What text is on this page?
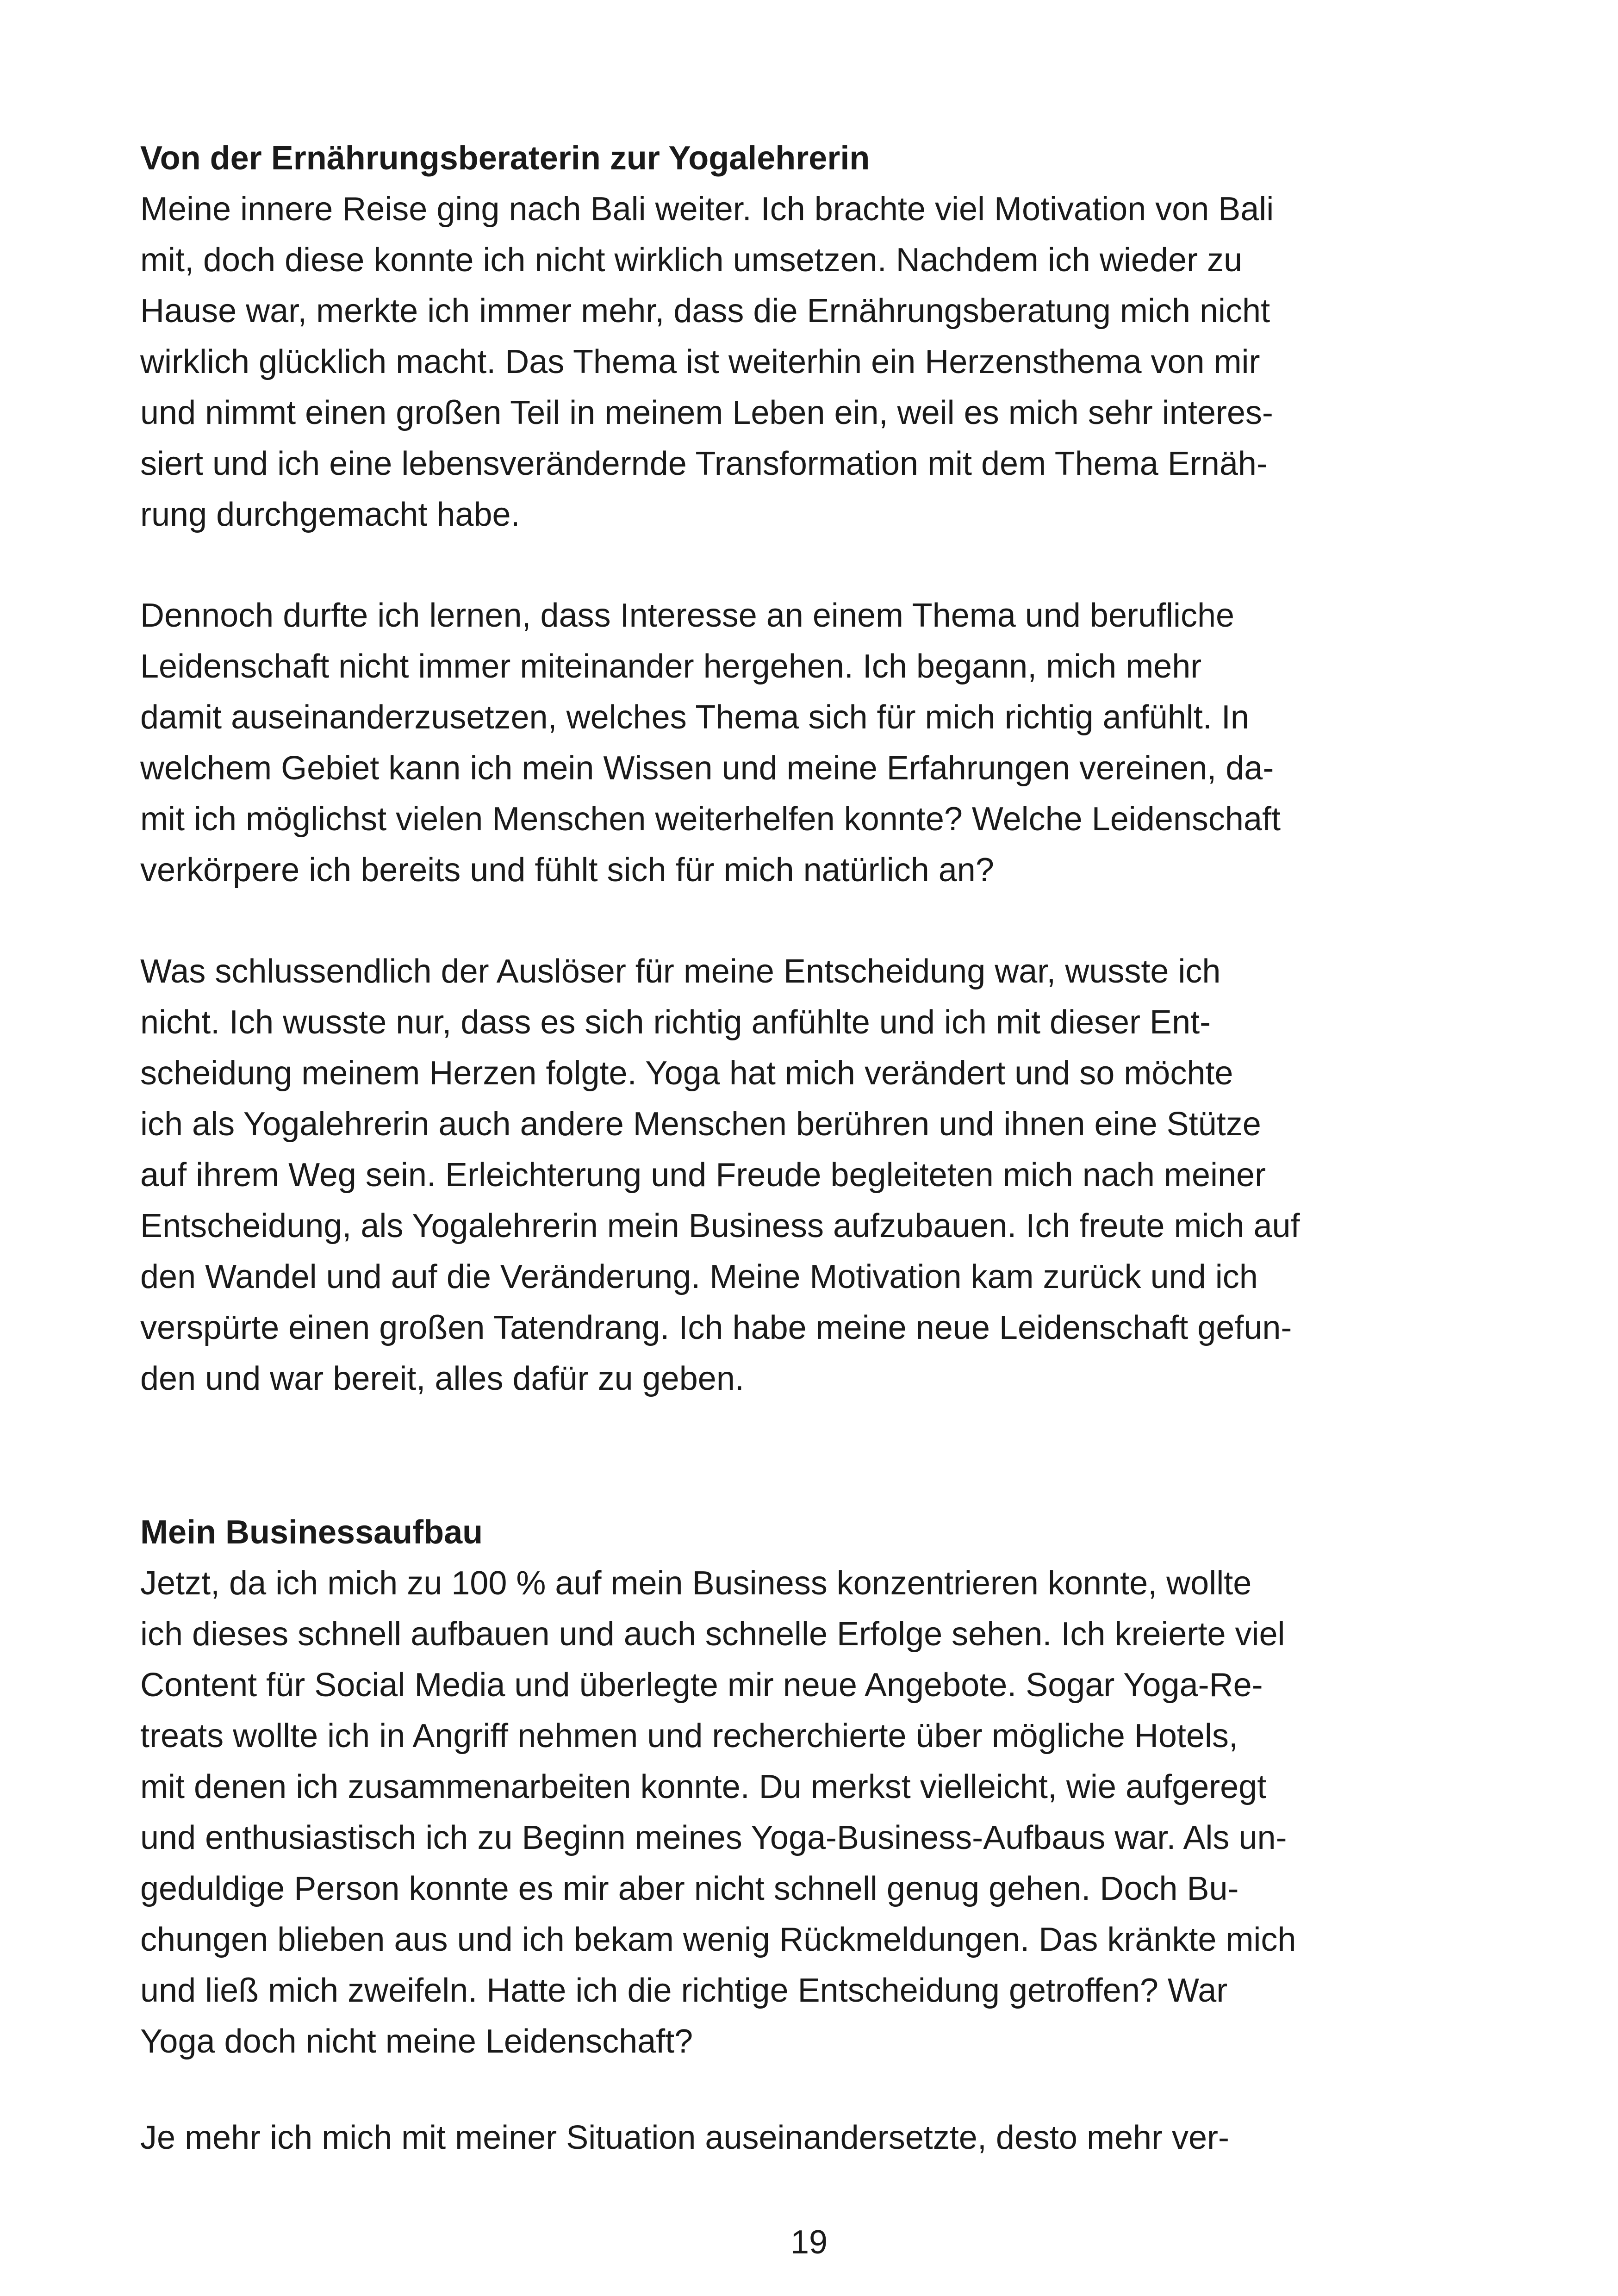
Von der Ernährungsberaterin zur Yogalehrerin
Meine innere Reise ging nach Bali weiter. Ich brachte viel Motivation von Bali
mit, doch diese konnte ich nicht wirklich umsetzen. Nachdem ich wieder zu
Hause war, merkte ich immer mehr, dass die Ernährungsberatung mich nicht
wirklich glücklich macht. Das Thema ist weiterhin ein Herzensthema von mir
und nimmt einen großen Teil in meinem Leben ein, weil es mich sehr interes-
siert und ich eine lebensverändernde Transformation mit dem Thema Ernäh-
rung durchgemacht habe.
Dennoch durfte ich lernen, dass Interesse an einem Thema und berufliche
Leidenschaft nicht immer miteinander hergehen. Ich begann, mich mehr
damit auseinanderzusetzen, welches Thema sich für mich richtig anfühlt. In
welchem Gebiet kann ich mein Wissen und meine Erfahrungen vereinen, da-
mit ich möglichst vielen Menschen weiterhelfen konnte? Welche Leidenschaft
verkörpere ich bereits und fühlt sich für mich natürlich an?
Was schlussendlich der Auslöser für meine Entscheidung war, wusste ich
nicht. Ich wusste nur, dass es sich richtig anfühlte und ich mit dieser Ent-
scheidung meinem Herzen folgte. Yoga hat mich verändert und so möchte
ich als Yogalehrerin auch andere Menschen berühren und ihnen eine Stütze
auf ihrem Weg sein. Erleichterung und Freude begleiteten mich nach meiner
Entscheidung, als Yogalehrerin mein Business aufzubauen. Ich freute mich auf
den Wandel und auf die Veränderung. Meine Motivation kam zurück und ich
verspürte einen großen Tatendrang. Ich habe meine neue Leidenschaft gefun-
den und war bereit, alles dafür zu geben.
Mein Businessaufbau
Jetzt, da ich mich zu 100 % auf mein Business konzentrieren konnte, wollte
ich dieses schnell aufbauen und auch schnelle Erfolge sehen. Ich kreierte viel
Content für Social Media und überlegte mir neue Angebote. Sogar Yoga-Re-
treats wollte ich in Angriff nehmen und recherchierte über mögliche Hotels,
mit denen ich zusammenarbeiten konnte. Du merkst vielleicht, wie aufgeregt
und enthusiastisch ich zu Beginn meines Yoga-Business-Aufbaus war. Als un-
geduldige Person konnte es mir aber nicht schnell genug gehen. Doch Bu-
chungen blieben aus und ich bekam wenig Rückmeldungen. Das kränkte mich
und ließ mich zweifeln. Hatte ich die richtige Entscheidung getroffen? War
Yoga doch nicht meine Leidenschaft?
Je mehr ich mich mit meiner Situation auseinandersetzte, desto mehr ver-
19
